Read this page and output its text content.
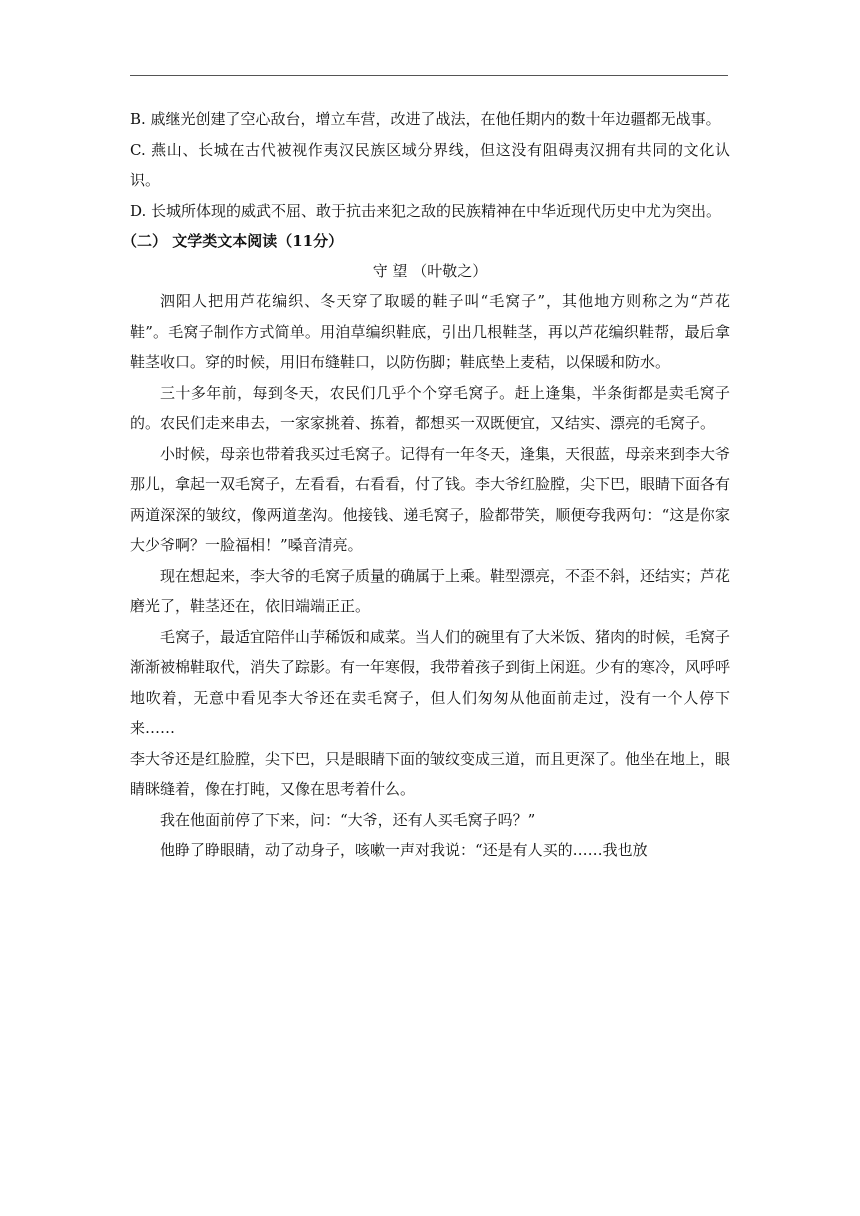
B. 戚继光创建了空心敌台，增立车营，改进了战法，在他任期内的数十年边疆都无战事。

C. 燕山、长城在古代被视作夷汉民族区域分界线，但这没有阻碍夷汉拥有共同的文化认识。

D. 长城所体现的威武不屈、敢于抗击来犯之敌的民族精神在中华近现代历史中尤为突出。

（二） 文学类文本阅读（11分）

守 望 （叶敬之）

泗阳人把用芦花编织、冬天穿了取暖的鞋子叫“毛窝子”，其他地方则称之为“芦花鞋”。毛窝子制作方式简单。用洎草编织鞋底，引出几根鞋茎，再以芦花编织鞋帮，最后拿鞋茎收口。穿的时候，用旧布缝鞋口，以防伤脚；鞋底垫上麦秸，以保暖和防水。

三十多年前，每到冬天，农民们几乎个个穿毛窝子。赶上逢集，半条街都是卖毛窝子的。农民们走来串去，一家家挑着、拣着，都想买一双既便宜，又结实、漂亮的毛窝子。

小时候，母亲也带着我买过毛窝子。记得有一年冬天，逢集，天很蓝，母亲来到李大爷那儿，拿起一双毛窝子，左看看，右看看，付了钱。李大爷红脸膛，尖下巴，眼睛下面各有两道深深的皱纹，像两道垄沟。他接钱、递毛窝子，脸都带笑，顺便夸我两句：“这是你家大少爷啊？一脸福相！”嗓音清亮。

现在想起来，李大爷的毛窝子质量的确属于上乘。鞋型漂亮，不歪不斜，还结实；芦花磨光了，鞋茎还在，依旧端端正正。

毛窝子，最适宜陪伴山芋稀饭和咸菜。当人们的碗里有了大米饭、猪肉的时候，毛窝子渐渐被棉鞋取代，消失了踪影。有一年寒假，我带着孩子到街上闲逛。少有的寒冷，风呼呼地吹着，无意中看见李大爷还在卖毛窝子，但人们匆匆从他面前走过，没有一个人停下来……

李大爷还是红脸膛，尖下巴，只是眼睛下面的皱纹变成三道，而且更深了。他坐在地上，眼睛眯缝着，像在打盹，又像在思考着什么。

我在他面前停了下来，问：“大爷，还有人买毛窝子吗？”

他睁了睁眼睛，动了动身子，咳嗽一声对我说：“还是有人买的……我也放
